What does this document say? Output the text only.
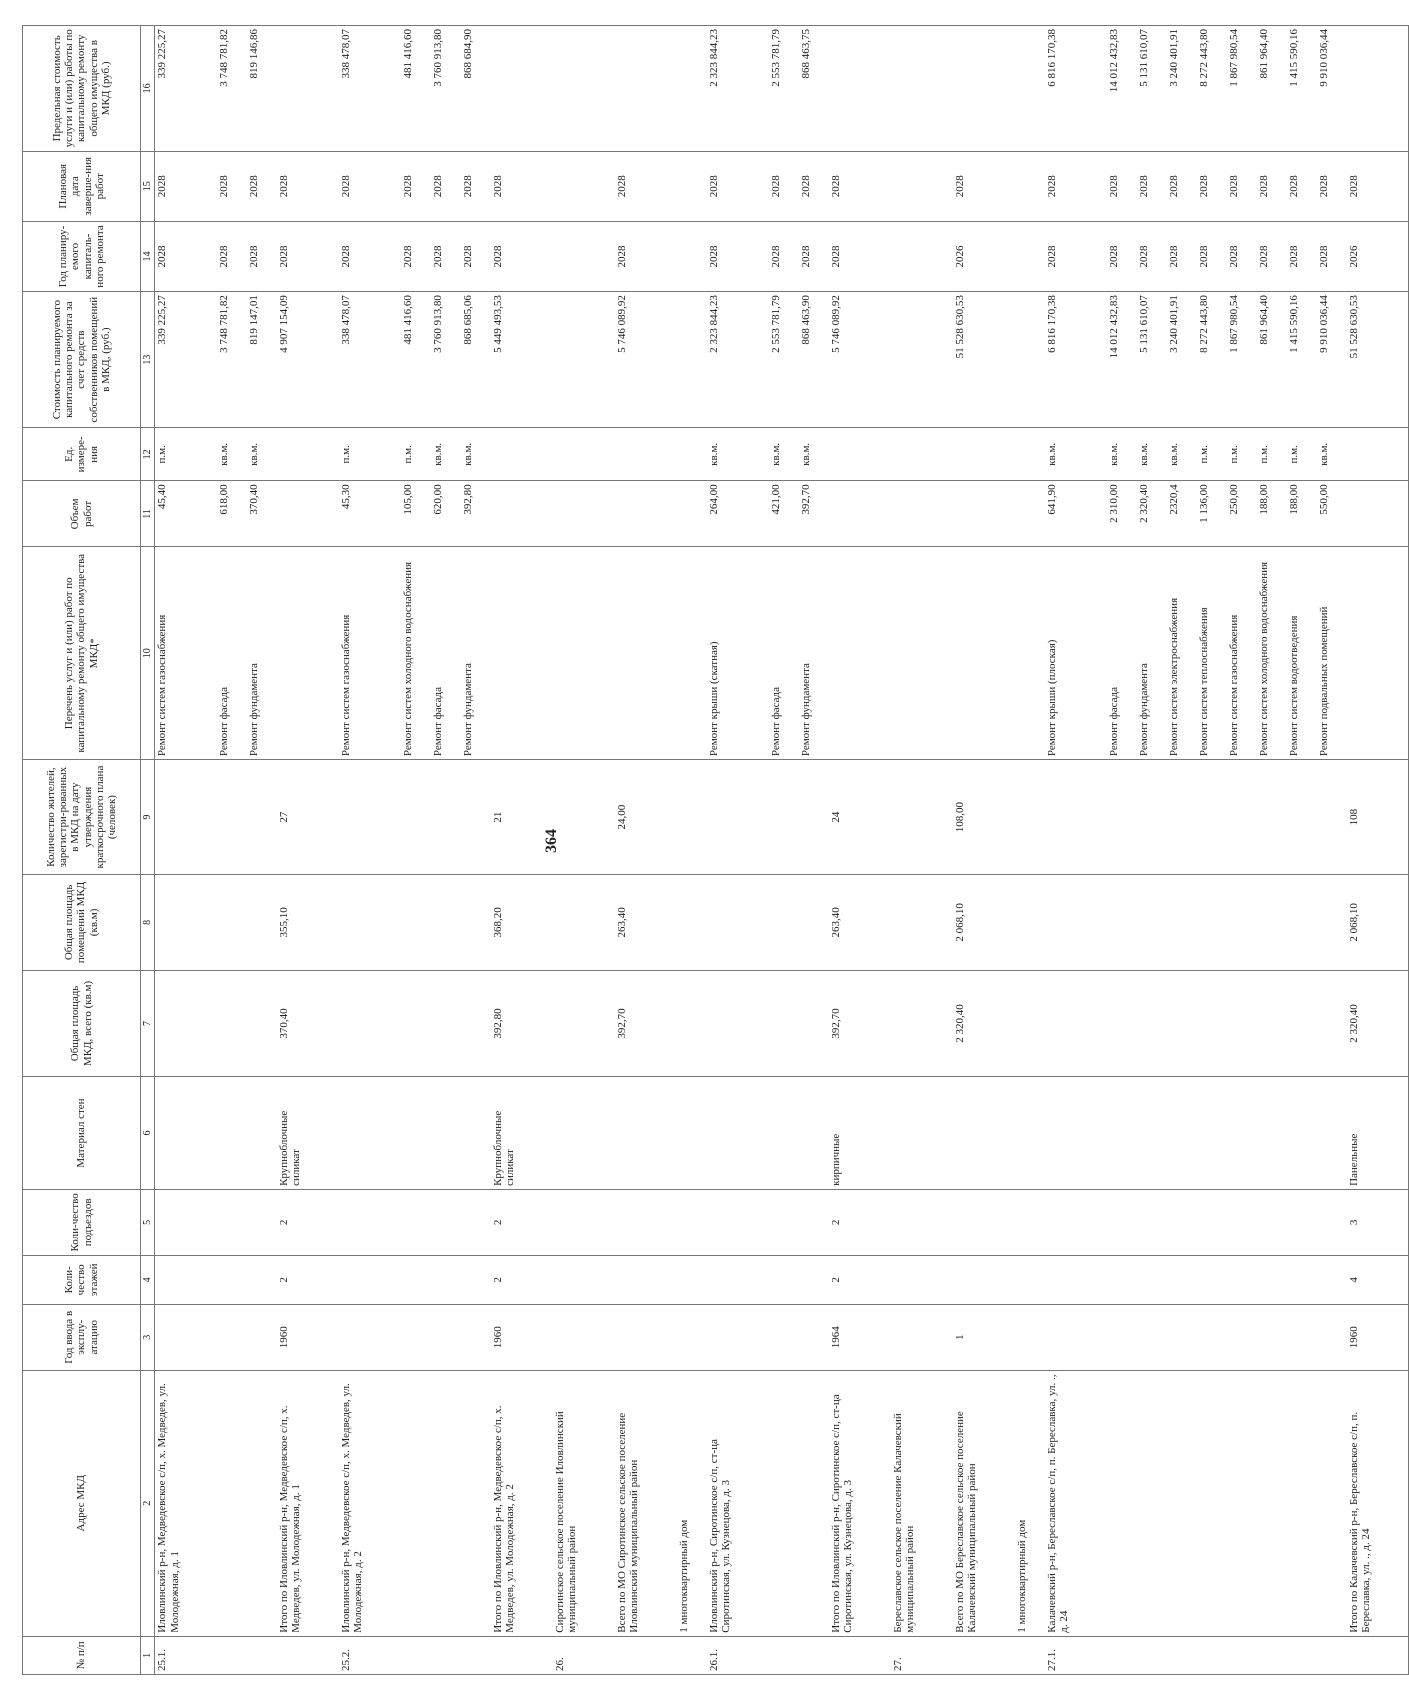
364
№ п/п	Адрес МКД	Год ввода в эксплу-атацию	Коли-чество этажей	Коли-чество подъездов	Материал стен	Общая площадь МКД, всего (кв.м)	Общая площадь помещений МКД (кв.м)	Количество жителей, зарегистри-рованных в МКД на дату утверждения краткосрочного плана (человек)	Перечень услуг и (или) работ по капитальному ремонту общего имущества МКД*	Объем работ	Ед. измере-ния	Стоимость планируемого капитального ремонта за счет средств собственников помещений в МКД, (руб.)	Год планиру-емого капиталь-ного ремонта	Плановая дата заверше-ния работ	Предельная стоимость услуги и (или) работы по капитальному ремонту общего имущества в МКД (руб.)
1	2	3	4	5	6	7	8	9	10	11	12	13	14	15	16
25.1.	Иловлинский р-н, Медведевское с/п, х. Медведев, ул. Молодежная, д. 1								Ремонт систем газоснабжения	45,40	п.м.	339 225,27	2028	2028	339 225,27
									Ремонт фасада	618,00	кв.м.	3 748 781,82	2028	2028	3 748 781,82
									Ремонт фундамента	370,40	кв.м.	819 147,01	2028	2028	819 146,86
	Итого по Иловлинский р-н, Медведевское с/п, х. Медведев, ул. Молодежная, д. 1	1960	2	2	Крупноблочные силикат	370,40	355,10	27				4 907 154,09	2028	2028	
25.2.	Иловлинский р-н, Медведевское с/п, х. Медведев, ул. Молодежная, д. 2								Ремонт систем газоснабжения	45,30	п.м.	338 478,07	2028	2028	338 478,07
									Ремонт систем холодного водоснабжения	105,00	п.м.	481 416,60	2028	2028	481 416,60
									Ремонт фасада	620,00	кв.м.	3 760 913,80	2028	2028	3 760 913,80
									Ремонт фундамента	392,80	кв.м.	868 685,06	2028	2028	868 684,90
	Итого по Иловлинский р-н, Медведевское с/п, х. Медведев, ул. Молодежная, д. 2	1960	2	2	Крупноблочные силикат	392,80	368,20	21				5 449 493,53	2028	2028	
26.	Сиротинское сельское поселение Иловлинский муниципальный район														
	Всего по МО Сиротинское сельское поселение Иловлинский муниципальный район					392,70	263,40	24,00				5 746 089,92	2028	2028	
	1 многоквартирный дом														
26.1.	Иловлинский р-н, Сиротинское с/п, ст-ца Сиротинская, ул. Кузнецова, д. 3								Ремонт крыши (скатная)	264,00	кв.м.	2 323 844,23	2028	2028	2 323 844,23
									Ремонт фасада	421,00	кв.м.	2 553 781,79	2028	2028	2 553 781,79
									Ремонт фундамента	392,70	кв.м.	868 463,90	2028	2028	868 463,75
	Итого по Иловлинский р-н, Сиротинское с/п, ст-ца Сиротинская, ул. Кузнецова, д. 3	1964	2	2	кирпичные	392,70	263,40	24				5 746 089,92	2028	2028	
27.	Береславское сельское поселение Калачевский муниципальный район														
	Всего по МО Береславское сельское поселение Калачевский муниципальный район	1				2 320,40	2 068,10	108,00				51 528 630,53	2026	2028	
	1 многоквартирный дом														
27.1.	Калачевский р-н, Береславское с/п, п. Береславка, ул. ., д. 24								Ремонт крыши (плоская)	641,90	кв.м.	6 816 170,38	2028	2028	6 816 170,38
									Ремонт фасада	2 310,00	кв.м.	14 012 432,83	2028	2028	14 012 432,83
									Ремонт фундамента	2 320,40	кв.м.	5 131 610,07	2028	2028	5 131 610,07
									Ремонт систем электроснабжения	2320,4	кв.м.	3 240 401,91	2028	2028	3 240 401,91
									Ремонт систем теплоснабжения	1 136,00	п.м.	8 272 443,80	2028	2028	8 272 443,80
									Ремонт систем газоснабжения	250,00	п.м.	1 867 980,54	2028	2028	1 867 980,54
									Ремонт систем холодного водоснабжения	188,00	п.м.	861 964,40	2028	2028	861 964,40
									Ремонт систем водоотведения	188,00	п.м.	1 415 590,16	2028	2028	1 415 590,16
									Ремонт подвальных помещений	550,00	кв.м.	9 910 036,44	2028	2028	9 910 036,44
	Итого по Калачевский р-н, Береславское с/п, п. Береславка, ул. ., д. 24	1960	4	3	Панельные	2 320,40	2 068,10	108				51 528 630,53	2026	2028	
